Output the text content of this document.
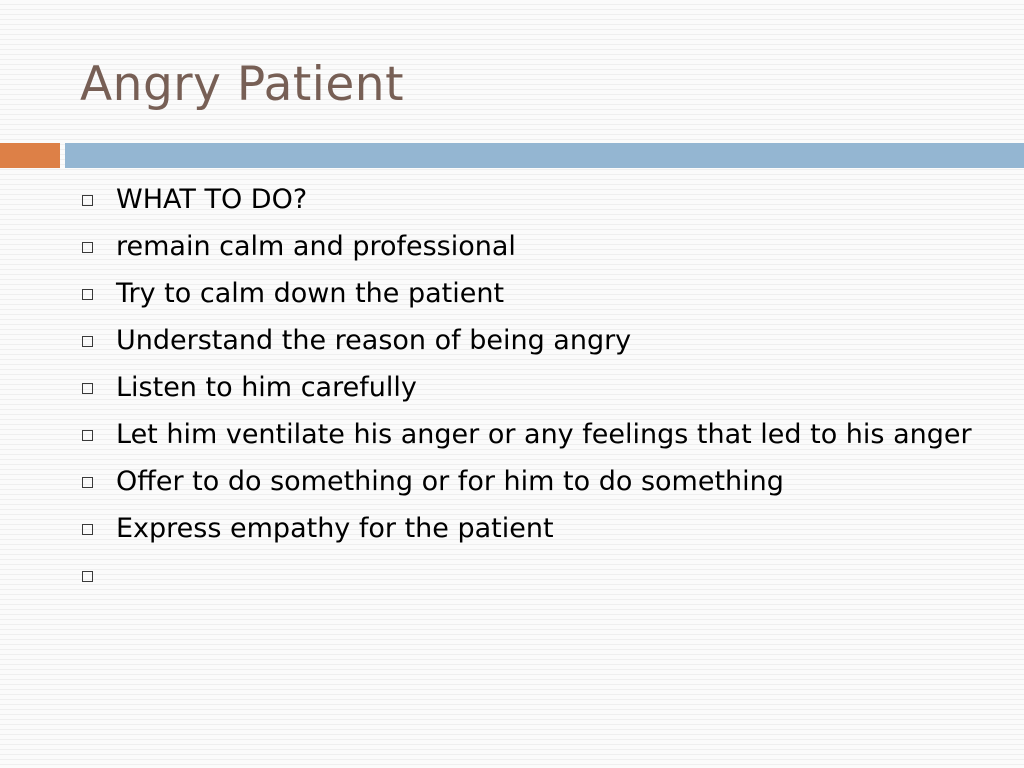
Angry Patient
WHAT TO DO?
remain calm and professional
Try to calm down the patient
Understand the reason of being angry
Listen to him carefully
Let him ventilate his anger or any feelings that led to his anger
Offer to do something or for him to do something
Express empathy for the patient
